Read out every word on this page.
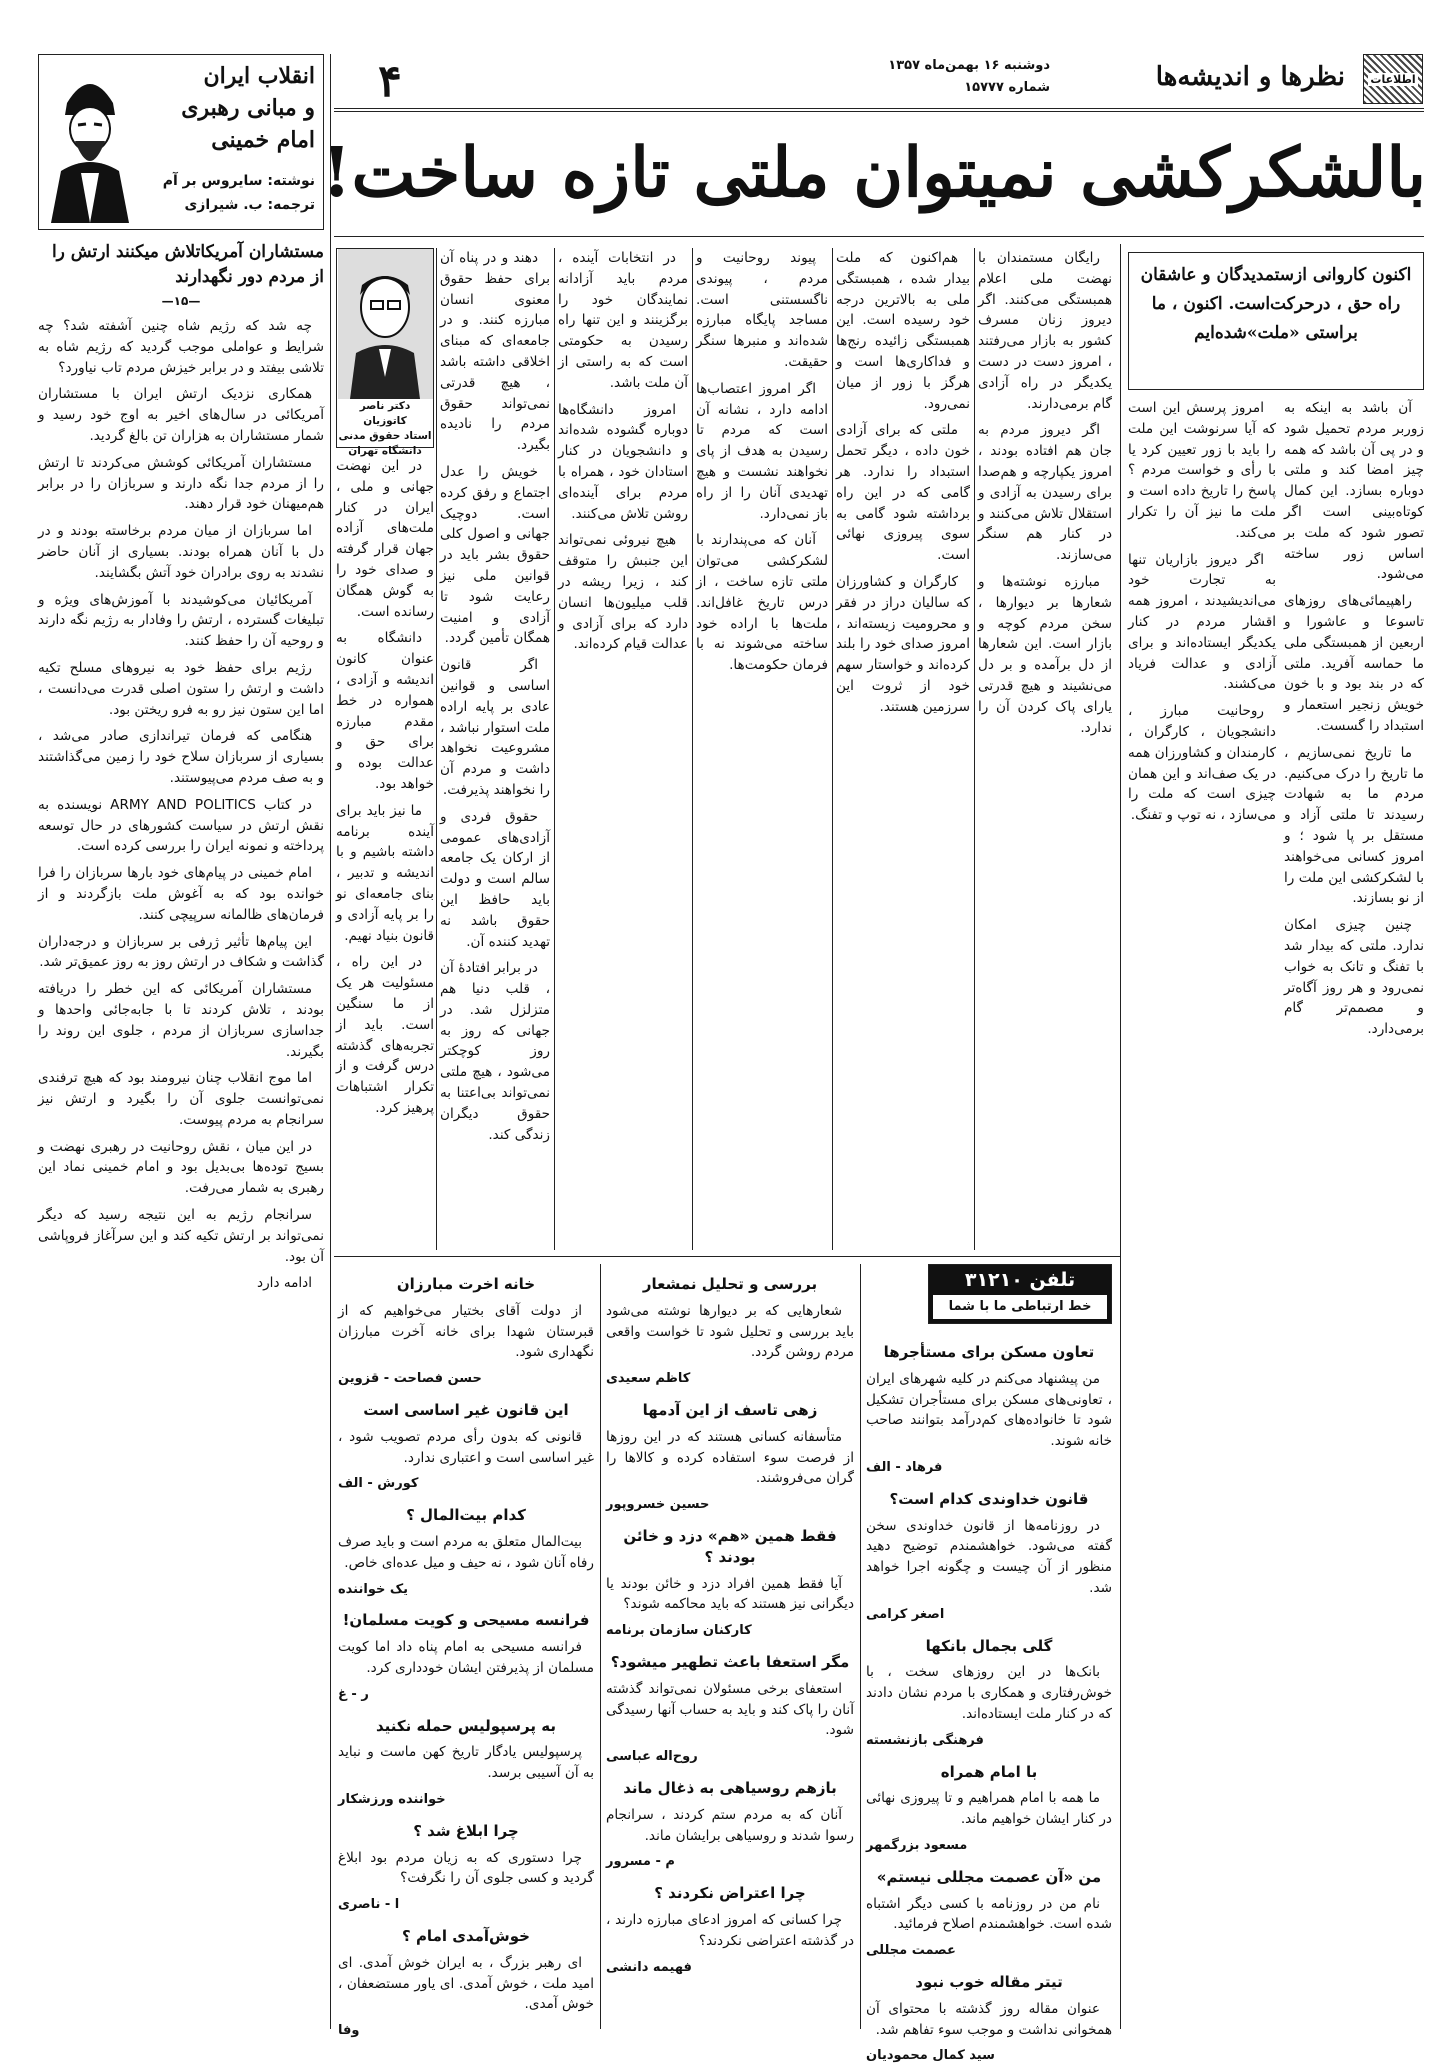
اطلاعات
نظرها و اندیشه‌ها
دوشنبه ۱۶ بهمن‌ماه ۱۳۵۷
شماره ۱۵۷۷۷
۴
بالشکرکشی نمیتوان ملتی تازه ساخت!
انقلاب ایران
و مبانی رهبری
امام خمینی
نوشته: سایروس بر آم
ترجمه: ب. شیرازی
مستشاران آمریکاتلاش میکنند ارتش را از مردم دور نگهدارند
—۱۵—

چه شد که رژیم شاه چنین آشفته شد؟ چه شرایط و عواملی موجب گردید که رژیم شاه به تلاشی بیفتد و در برابر خیزش مردم تاب نیاورد؟

همکاری نزدیک ارتش ایران با مستشاران آمریکائی در سال‌های اخیر به اوج خود رسید و شمار مستشاران به هزاران تن بالغ گردید.

مستشاران آمریکائی کوشش می‌کردند تا ارتش را از مردم جدا نگه دارند و سربازان را در برابر هم‌میهنان خود قرار دهند.

اما سربازان از میان مردم برخاسته بودند و در دل با آنان همراه بودند. بسیاری از آنان حاضر نشدند به روی برادران خود آتش بگشایند.

آمریکائیان می‌کوشیدند با آموزش‌های ویژه و تبلیغات گسترده ، ارتش را وفادار به رژیم نگه دارند و روحیه آن را حفظ کنند.

رژیم برای حفظ خود به نیروهای مسلح تکیه داشت و ارتش را ستون اصلی قدرت می‌دانست ، اما این ستون نیز رو به فرو ریختن بود.

هنگامی که فرمان تیراندازی صادر می‌شد ، بسیاری از سربازان سلاح خود را زمین می‌گذاشتند و به صف مردم می‌پیوستند.

در کتاب ARMY AND POLITICS نویسنده به نقش ارتش در سیاست کشورهای در حال توسعه پرداخته و نمونه ایران را بررسی کرده است.

امام خمینی در پیام‌های خود بارها سربازان را فرا خوانده بود که به آغوش ملت بازگردند و از فرمان‌های ظالمانه سرپیچی کنند.

این پیام‌ها تأثیر ژرفی بر سربازان و درجه‌داران گذاشت و شکاف در ارتش روز به روز عمیق‌تر شد.

مستشاران آمریکائی که این خطر را دریافته بودند ، تلاش کردند تا با جابه‌جائی واحدها و جداسازی سربازان از مردم ، جلوی این روند را بگیرند.

اما موج انقلاب چنان نیرومند بود که هیچ ترفندی نمی‌توانست جلوی آن را بگیرد و ارتش نیز سرانجام به مردم پیوست.

در این میان ، نقش روحانیت در رهبری نهضت و بسیج توده‌ها بی‌بدیل بود و امام خمینی نماد این رهبری به شمار می‌رفت.

سرانجام رژیم به این نتیجه رسید که دیگر نمی‌تواند بر ارتش تکیه کند و این سرآغاز فروپاشی آن بود.

ادامه دارد

اکنون کاروانی ازستمدیدگان و عاشقان راه حق ، درحرکت‌است. اکنون ، ما براستی «ملت»شده‌ایم

آن باشد به اینکه به زوربر مردم تحمیل شود و در پی آن باشد که همه چیز امضا کند و ملتی دوباره بسازد. این کمال کوتاه‌بینی است اگر تصور شود که ملت بر اساس زور ساخته می‌شود.

راهپیمائی‌های روزهای تاسوعا و عاشورا و اربعین از همبستگی ملی ما حماسه آفرید. ملتی که در بند بود و با خون خویش زنجیر استعمار و استبداد را گسست.

ما تاریخ نمی‌سازیم ، ما تاریخ را درک می‌کنیم. مردم ما به شهادت رسیدند تا ملتی آزاد و مستقل بر پا شود ؛ و امروز کسانی می‌خواهند با لشکرکشی این ملت را از نو بسازند.

چنین چیزی امکان ندارد. ملتی که بیدار شد با تفنگ و تانک به خواب نمی‌رود و هر روز آگاه‌تر و مصمم‌تر گام برمی‌دارد.

امروز پرسش این است که آیا سرنوشت این ملت را باید با زور تعیین کرد یا با رأی و خواست مردم ؟ پاسخ را تاریخ داده است و ملت ما نیز آن را تکرار می‌کند.

اگر دیروز بازاریان تنها به تجارت خود می‌اندیشیدند ، امروز همه اقشار مردم در کنار یکدیگر ایستاده‌اند و برای آزادی و عدالت فریاد می‌کشند.

روحانیت مبارز ، دانشجویان ، کارگران ، کارمندان و کشاورزان همه در یک صف‌اند و این همان چیزی است که ملت را می‌سازد ، نه توپ و تفنگ.

رایگان مستمندان با نهضت ملی اعلام همبستگی می‌کنند. اگر دیروز زنان مسرف کشور به بازار می‌رفتند ، امروز دست در دست یکدیگر در راه آزادی گام برمی‌دارند.

اگر دیروز مردم به جان هم افتاده بودند ، امروز یکپارچه و هم‌صدا برای رسیدن به آزادی و استقلال تلاش می‌کنند و در کنار هم سنگر می‌سازند.

مبارزه نوشته‌ها و شعارها بر دیوارها ، سخن مردم کوچه و بازار است. این شعارها از دل برآمده و بر دل می‌نشیند و هیچ قدرتی یارای پاک کردن آن را ندارد.

هم‌اکنون که ملت بیدار شده ، همبستگی ملی به بالاترین درجه خود رسیده است. این همبستگی زائیده رنج‌ها و فداکاری‌ها است و هرگز با زور از میان نمی‌رود.

ملتی که برای آزادی خون داده ، دیگر تحمل استبداد را ندارد. هر گامی که در این راه برداشته شود گامی به سوی پیروزی نهائی است.

کارگران و کشاورزان که سالیان دراز در فقر و محرومیت زیسته‌اند ، امروز صدای خود را بلند کرده‌اند و خواستار سهم خود از ثروت این سرزمین هستند.

پیوند روحانیت و مردم ، پیوندی ناگسستنی است. مساجد پایگاه مبارزه شده‌اند و منبرها سنگر حقیقت.

اگر امروز اعتصاب‌ها ادامه دارد ، نشانه آن است که مردم تا رسیدن به هدف از پای نخواهند نشست و هیچ تهدیدی آنان را از راه باز نمی‌دارد.

آنان که می‌پندارند با لشکرکشی می‌توان ملتی تازه ساخت ، از درس تاریخ غافل‌اند. ملت‌ها با اراده خود ساخته می‌شوند نه با فرمان حکومت‌ها.

در انتخابات آینده ، مردم باید آزادانه نمایندگان خود را برگزینند و این تنها راه رسیدن به حکومتی است که به راستی از آن ملت باشد.

امروز دانشگاه‌ها دوباره گشوده شده‌اند و دانشجویان در کنار استادان خود ، همراه با مردم برای آینده‌ای روشن تلاش می‌کنند.

هیچ نیروئی نمی‌تواند این جنبش را متوقف کند ، زیرا ریشه در قلب میلیون‌ها انسان دارد که برای آزادی و عدالت قیام کرده‌اند.

دهند و در پناه آن برای حفظ حقوق معنوی انسان مبارزه کنند. و در جامعه‌ای که مبنای اخلاقی داشته باشد ، هیچ قدرتی نمی‌تواند حقوق مردم را نادیده بگیرد.

خویش را عدل اجتماع و رفق کرده است. دوچیک جهانی و اصول کلی حقوق بشر باید در قوانین ملی نیز رعایت شود تا آزادی و امنیت همگان تأمین گردد.

اگر قانون اساسی و قوانین عادی بر پایه اراده ملت استوار نباشد ، مشروعیت نخواهد داشت و مردم آن را نخواهند پذیرفت.

حقوق فردی و آزادی‌های عمومی از ارکان یک جامعه سالم است و دولت باید حافظ این حقوق باشد نه تهدید کننده آن.

در برابر افتادهٔ آن ، قلب دنیا هم متزلزل شد. در جهانی که روز به روز کوچکتر می‌شود ، هیچ ملتی نمی‌تواند بی‌اعتنا به حقوق دیگران زندگی کند.

دکتر ناصر کاتوزیان
استاد حقوق مدنی
دانشگاه تهران

در این نهضت جهانی و ملی ، ایران در کنار ملت‌های آزاده جهان قرار گرفته و صدای خود را به گوش همگان رسانده است.

دانشگاه به عنوان کانون اندیشه و آزادی ، همواره در خط مقدم مبارزه برای حق و عدالت بوده و خواهد بود.

ما نیز باید برای آینده برنامه داشته باشیم و با اندیشه و تدبیر ، بنای جامعه‌ای نو را بر پایه آزادی و قانون بنیاد نهیم.

در این راه ، مسئولیت هر یک از ما سنگین است. باید از تجربه‌های گذشته درس گرفت و از تکرار اشتباهات پرهیز کرد.

تلفن ۳۱۲۱۰
خط ارتباطی ما با شما
تعاون مسکن برای مستأجرها

من پیشنهاد می‌کنم در کلیه شهرهای ایران ، تعاونی‌های مسکن برای مستأجران تشکیل شود تا خانواده‌های کم‌درآمد بتوانند صاحب خانه شوند.

فرهاد - الف
قانون خداوندی کدام است؟

در روزنامه‌ها از قانون خداوندی سخن گفته می‌شود. خواهشمندم توضیح دهید منظور از آن چیست و چگونه اجرا خواهد شد.

اصغر کرامی
گلی بجمال بانکها

بانک‌ها در این روزهای سخت ، با خوش‌رفتاری و همکاری با مردم نشان دادند که در کنار ملت ایستاده‌اند.

فرهنگی بازنشسته
با امام همراه

ما همه با امام همراهیم و تا پیروزی نهائی در کنار ایشان خواهیم ماند.

مسعود بزرگمهر
من «آن عصمت مجللی نیستم»

نام من در روزنامه با کسی دیگر اشتباه شده است. خواهشمندم اصلاح فرمائید.

عصمت مجللی
تیتر مقاله خوب نبود

عنوان مقاله روز گذشته با محتوای آن همخوانی نداشت و موجب سوء تفاهم شد.

سید کمال محمودیان
بررسی و تحلیل نمشعار

شعارهایی که بر دیوارها نوشته می‌شود باید بررسی و تحلیل شود تا خواست واقعی مردم روشن گردد.

کاظم سعیدی
زهی تاسف از این آدمها

متأسفانه کسانی هستند که در این روزها از فرصت سوء استفاده کرده و کالاها را گران می‌فروشند.

حسین خسروپور
فقط همین «هم» دزد و خائن بودند ؟

آیا فقط همین افراد دزد و خائن بودند یا دیگرانی نیز هستند که باید محاکمه شوند؟

کارکنان سازمان برنامه
مگر استعفا باعث تطهیر میشود؟

استعفای برخی مسئولان نمی‌تواند گذشته آنان را پاک کند و باید به حساب آنها رسیدگی شود.

روح‌اله عباسی
بازهم روسیاهی به ذغال ماند

آنان که به مردم ستم کردند ، سرانجام رسوا شدند و روسیاهی برایشان ماند.

م - مسرور
چرا اعتراض نکردند ؟

چرا کسانی که امروز ادعای مبارزه دارند ، در گذشته اعتراضی نکردند؟

فهیمه دانشی
خانه اخرت مبارزان

از دولت آقای بختیار می‌خواهیم که از قبرستان شهدا برای خانه آخرت مبارزان نگهداری شود.

حسن فصاحت - قزوین
این قانون غیر اساسی است

قانونی که بدون رأی مردم تصویب شود ، غیر اساسی است و اعتباری ندارد.

کورش - الف
کدام بیت‌المال ؟

بیت‌المال متعلق به مردم است و باید صرف رفاه آنان شود ، نه حیف و میل عده‌ای خاص.

یک خواننده
فرانسه مسیحی و کویت مسلمان!

فرانسه مسیحی به امام پناه داد اما کویت مسلمان از پذیرفتن ایشان خودداری کرد.

ر - غ
به پرسپولیس حمله نکنید

پرسپولیس یادگار تاریخ کهن ماست و نباید به آن آسیبی برسد.

خواننده ورزشکار
چرا ابلاغ شد ؟

چرا دستوری که به زیان مردم بود ابلاغ گردید و کسی جلوی آن را نگرفت؟

ا - ناصری
خوش‌آمدی امام ؟

ای رهبر بزرگ ، به ایران خوش آمدی. ای امید ملت ، خوش آمدی. ای یاور مستضعفان ، خوش آمدی.

وفا
